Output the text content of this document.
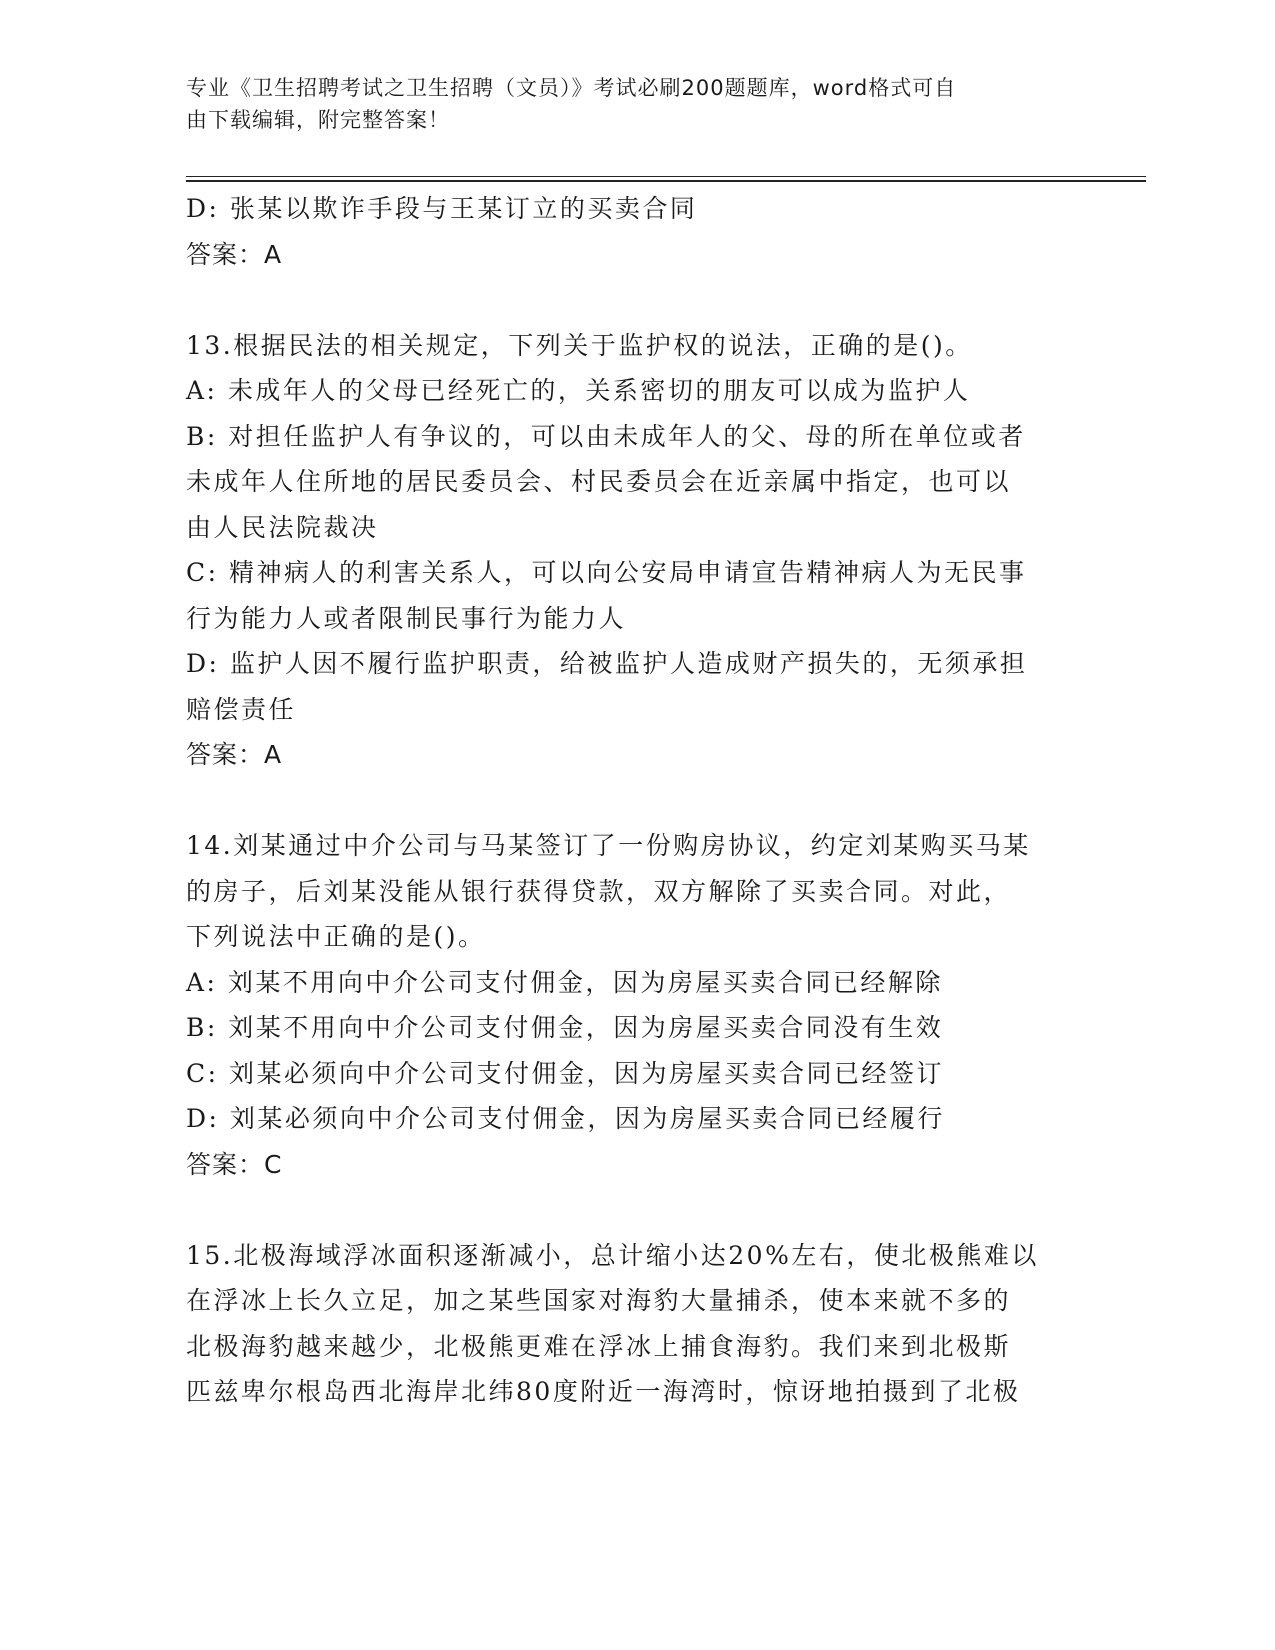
专业《卫生招聘考试之卫生招聘（文员）》考试必刷200题题库，word格式可自
由下载编辑，附完整答案！
D: 张某以欺诈手段与王某订立的买卖合同
答案：A
13.根据民法的相关规定，下列关于监护权的说法，正确的是()。
A: 未成年人的父母已经死亡的，关系密切的朋友可以成为监护人
B: 对担任监护人有争议的，可以由未成年人的父、母的所在单位或者
未成年人住所地的居民委员会、村民委员会在近亲属中指定，也可以
由人民法院裁决
C: 精神病人的利害关系人，可以向公安局申请宣告精神病人为无民事
行为能力人或者限制民事行为能力人
D: 监护人因不履行监护职责，给被监护人造成财产损失的，无须承担
赔偿责任
答案：A
14.刘某通过中介公司与马某签订了一份购房协议，约定刘某购买马某
的房子，后刘某没能从银行获得贷款，双方解除了买卖合同。对此，
下列说法中正确的是()。
A: 刘某不用向中介公司支付佣金，因为房屋买卖合同已经解除
B: 刘某不用向中介公司支付佣金，因为房屋买卖合同没有生效
C: 刘某必须向中介公司支付佣金，因为房屋买卖合同已经签订
D: 刘某必须向中介公司支付佣金，因为房屋买卖合同已经履行
答案：C
15.北极海域浮冰面积逐渐减小，总计缩小达20%左右，使北极熊难以
在浮冰上长久立足，加之某些国家对海豹大量捕杀，使本来就不多的
北极海豹越来越少，北极熊更难在浮冰上捕食海豹。我们来到北极斯
匹兹卑尔根岛西北海岸北纬80度附近一海湾时，惊讶地拍摄到了北极
